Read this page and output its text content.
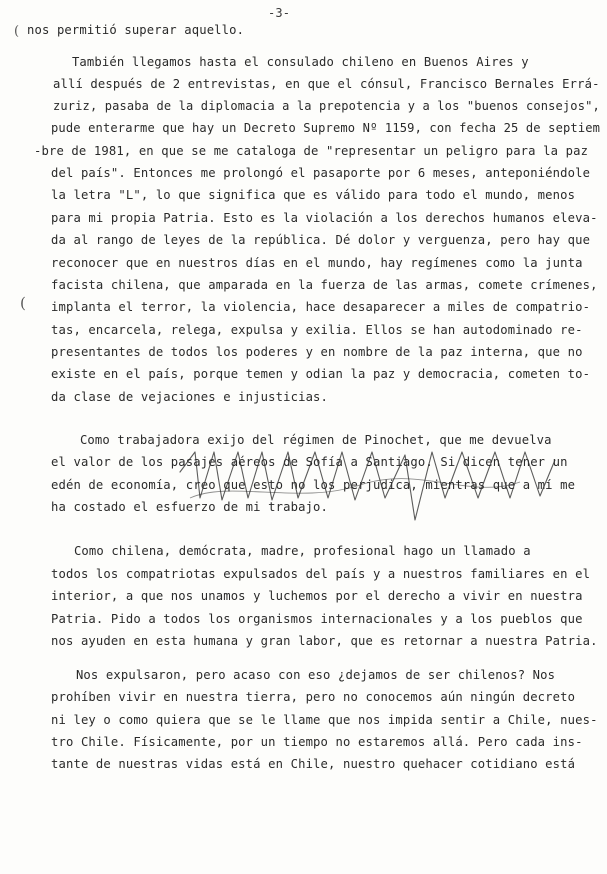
-3-
(
(
nos permitió superar aquello.
También llegamos hasta el consulado chileno en Buenos Aires y
allí después de 2 entrevistas, en que el cónsul, Francisco Bernales Errá-
zuriz, pasaba de la diplomacia a la prepotencia y a los "buenos consejos",
pude enterarme que hay un Decreto Supremo Nº 1159, con fecha 25 de septiem
-bre de 1981, en que se me cataloga de "representar un peligro para la paz
del país". Entonces me prolongó el pasaporte por 6 meses, anteponiéndole
la letra "L", lo que significa que es válido para todo el mundo, menos
para mi propia Patria. Esto es la violación a los derechos humanos eleva-
da al rango de leyes de la república. Dé dolor y verguenza, pero hay que
reconocer que en nuestros días en el mundo, hay regímenes como la junta
facista chilena, que amparada en la fuerza de las armas, comete crímenes,
implanta el terror, la violencia, hace desaparecer a miles de compatrio-
tas, encarcela, relega, expulsa y exilia. Ellos se han autodominado re-
presentantes de todos los poderes y en nombre de la paz interna, que no
existe en el país, porque temen y odian la paz y democracia, cometen to-
da clase de vejaciones e injusticias.
Como trabajadora exijo del régimen de Pinochet, que me devuelva
el valor de los pasajes aéreos de Sofía a Santiago. Si dicen tener un
edén de economía, creo que esto no los perjudica, mientras que a mí me
ha costado el esfuerzo de mi trabajo.
Como chilena, demócrata, madre, profesional hago un llamado a
todos los compatriotas expulsados del país y a nuestros familiares en el
interior, a que nos unamos y luchemos por el derecho a vivir en nuestra
Patria. Pido a todos los organismos internacionales y a los pueblos que
nos ayuden en esta humana y gran labor, que es retornar a nuestra Patria.
Nos expulsaron, pero acaso con eso ¿dejamos de ser chilenos? Nos
prohíben vivir en nuestra tierra, pero no conocemos aún ningún decreto
ni ley o como quiera que se le llame que nos impida sentir a Chile, nues-
tro Chile. Físicamente, por un tiempo no estaremos allá. Pero cada ins-
tante de nuestras vidas está en Chile, nuestro quehacer cotidiano está
